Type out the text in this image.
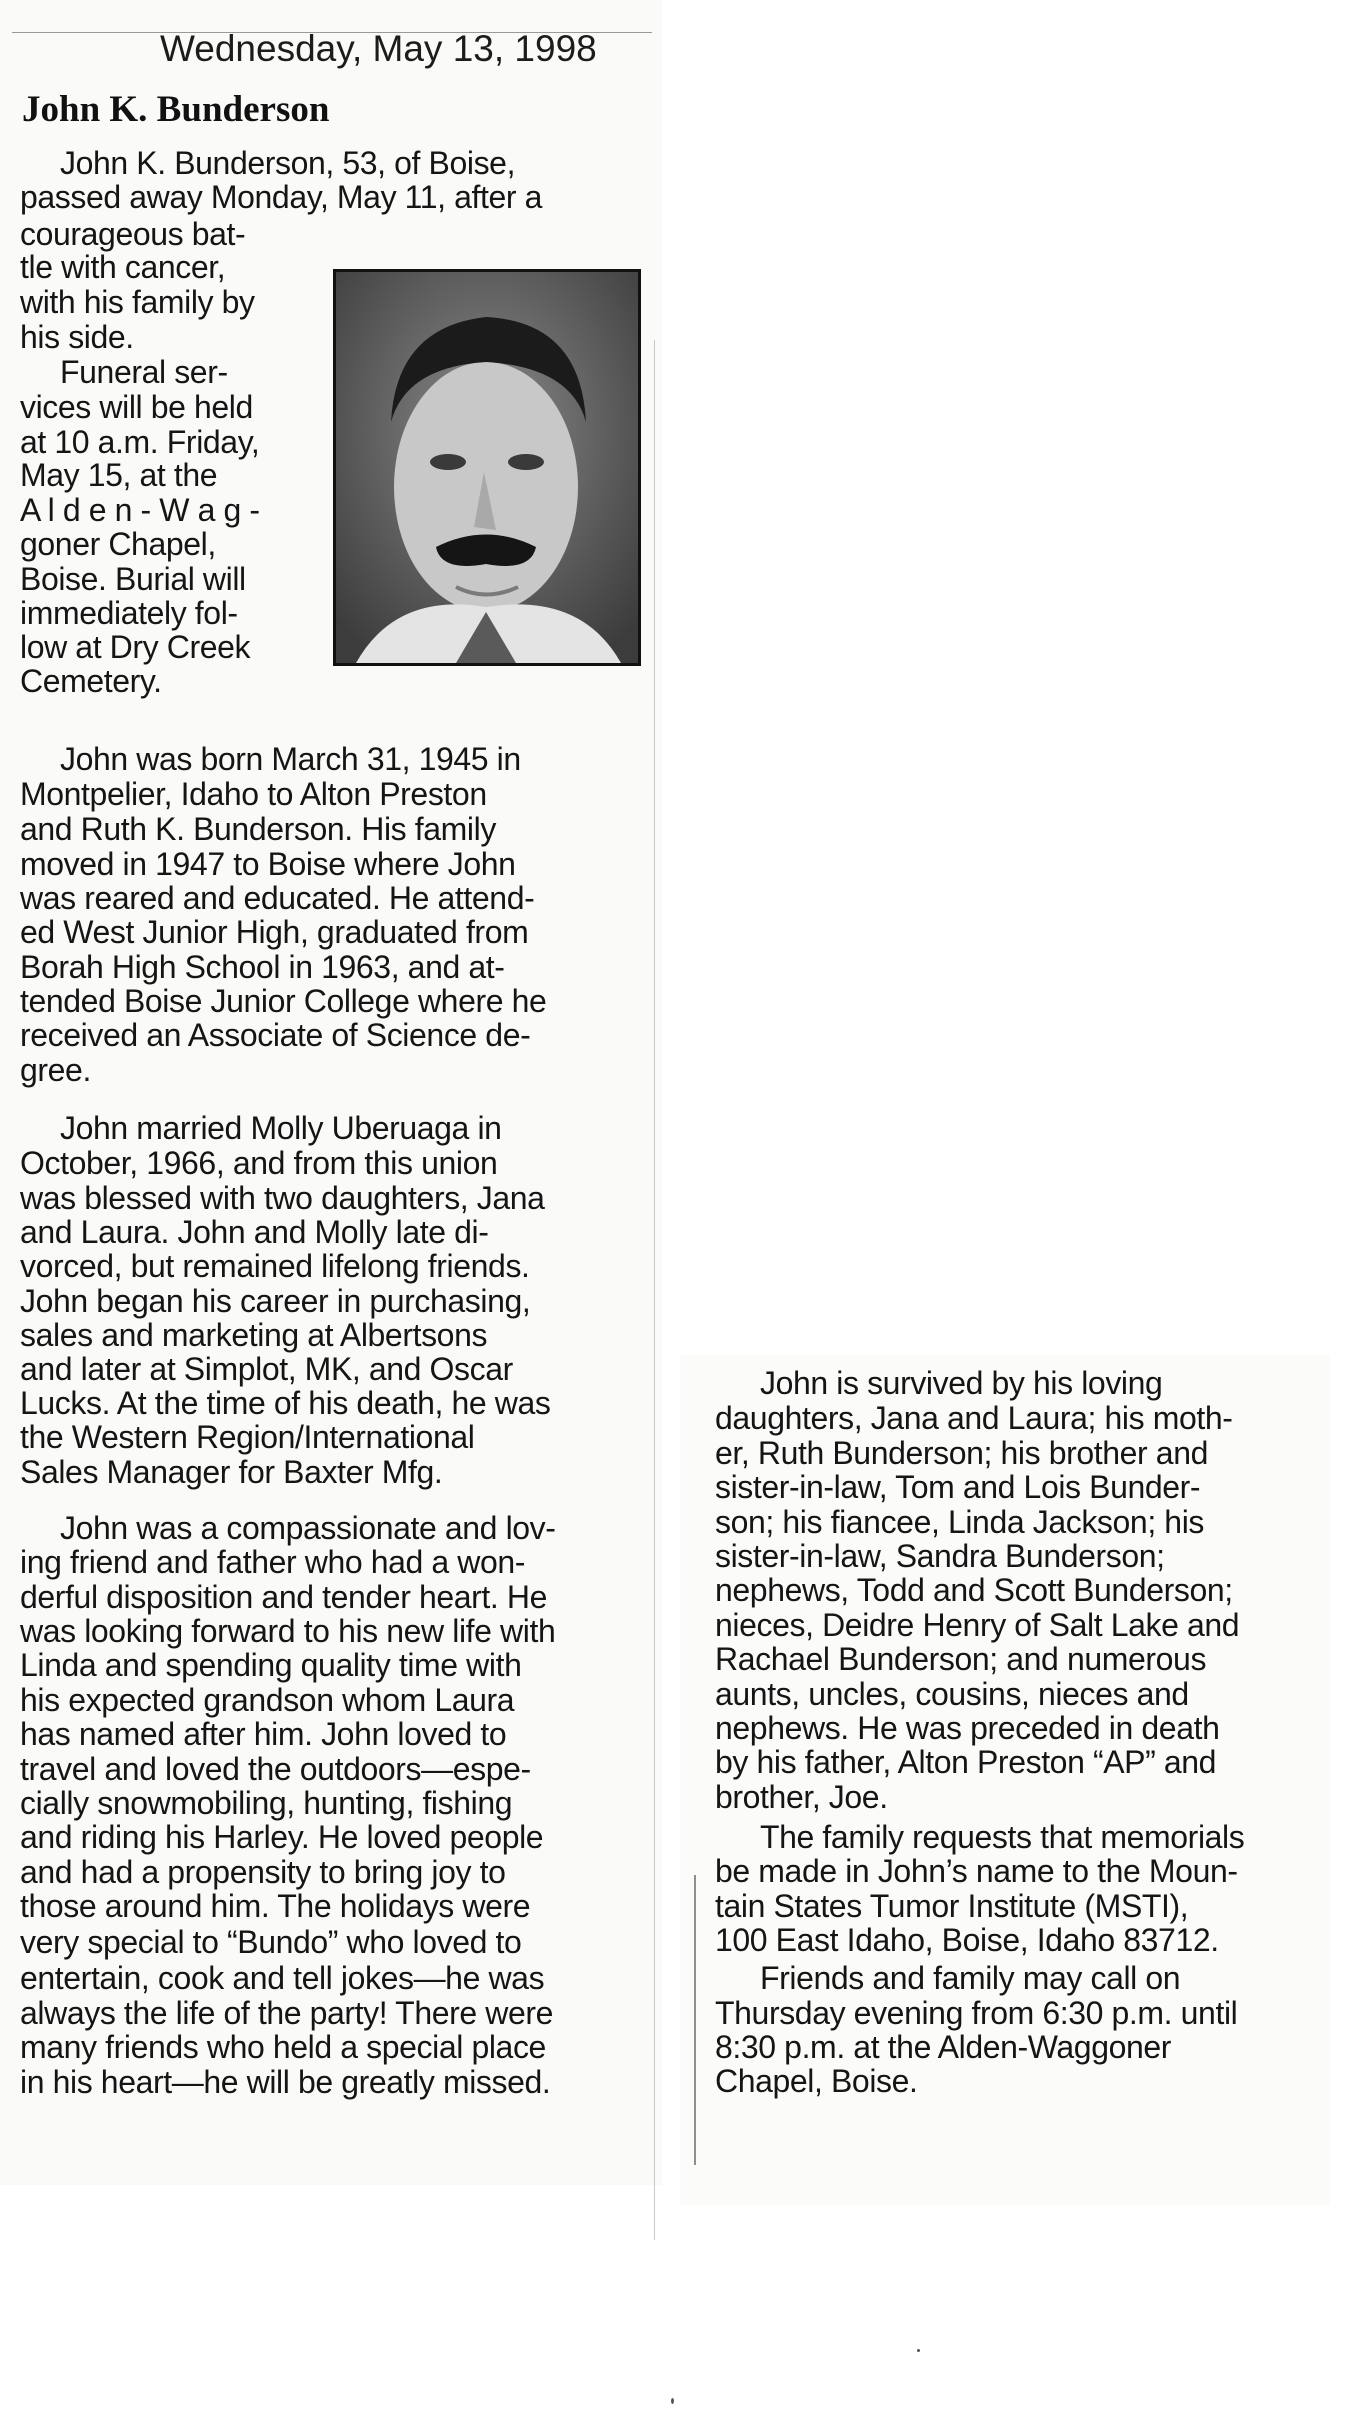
Wednesday, May 13, 1998
John K. Bunderson
John K. Bunderson, 53, of Boise,
passed away Monday, May 11, after a
courageous bat-
tle with cancer,
with his family by
his side.
Funeral ser-
vices will be held
at 10 a.m. Friday,
May 15, at the
A l d e n - W a g -
goner Chapel,
Boise. Burial will
immediately fol-
low at Dry Creek
Cemetery.
John was born March 31, 1945 in
Montpelier, Idaho to Alton Preston
and Ruth K. Bunderson. His family
moved in 1947 to Boise where John
was reared and educated. He attend-
ed West Junior High, graduated from
Borah High School in 1963, and at-
tended Boise Junior College where he
received an Associate of Science de-
gree.
John married Molly Uberuaga in
October, 1966, and from this union
was blessed with two daughters, Jana
and Laura. John and Molly late di-
vorced, but remained lifelong friends.
John began his career in purchasing,
sales and marketing at Albertsons
and later at Simplot, MK, and Oscar
Lucks. At the time of his death, he was
the Western Region/International
Sales Manager for Baxter Mfg.
John was a compassionate and lov-
ing friend and father who had a won-
derful disposition and tender heart. He
was looking forward to his new life with
Linda and spending quality time with
his expected grandson whom Laura
has named after him. John loved to
travel and loved the outdoors—espe-
cially snowmobiling, hunting, fishing
and riding his Harley. He loved people
and had a propensity to bring joy to
those around him. The holidays were
very special to “Bundo” who loved to
entertain, cook and tell jokes—he was
always the life of the party! There were
many friends who held a special place
in his heart—he will be greatly missed.
John is survived by his loving
daughters, Jana and Laura; his moth-
er, Ruth Bunderson; his brother and
sister-in-law, Tom and Lois Bunder-
son; his fiancee, Linda Jackson; his
sister-in-law, Sandra Bunderson;
nephews, Todd and Scott Bunderson;
nieces, Deidre Henry of Salt Lake and
Rachael Bunderson; and numerous
aunts, uncles, cousins, nieces and
nephews. He was preceded in death
by his father, Alton Preston “AP” and
brother, Joe.
The family requests that memorials
be made in John’s name to the Moun-
tain States Tumor Institute (MSTI),
100 East Idaho, Boise, Idaho 83712.
Friends and family may call on
Thursday evening from 6:30 p.m. until
8:30 p.m. at the Alden-Waggoner
Chapel, Boise.
